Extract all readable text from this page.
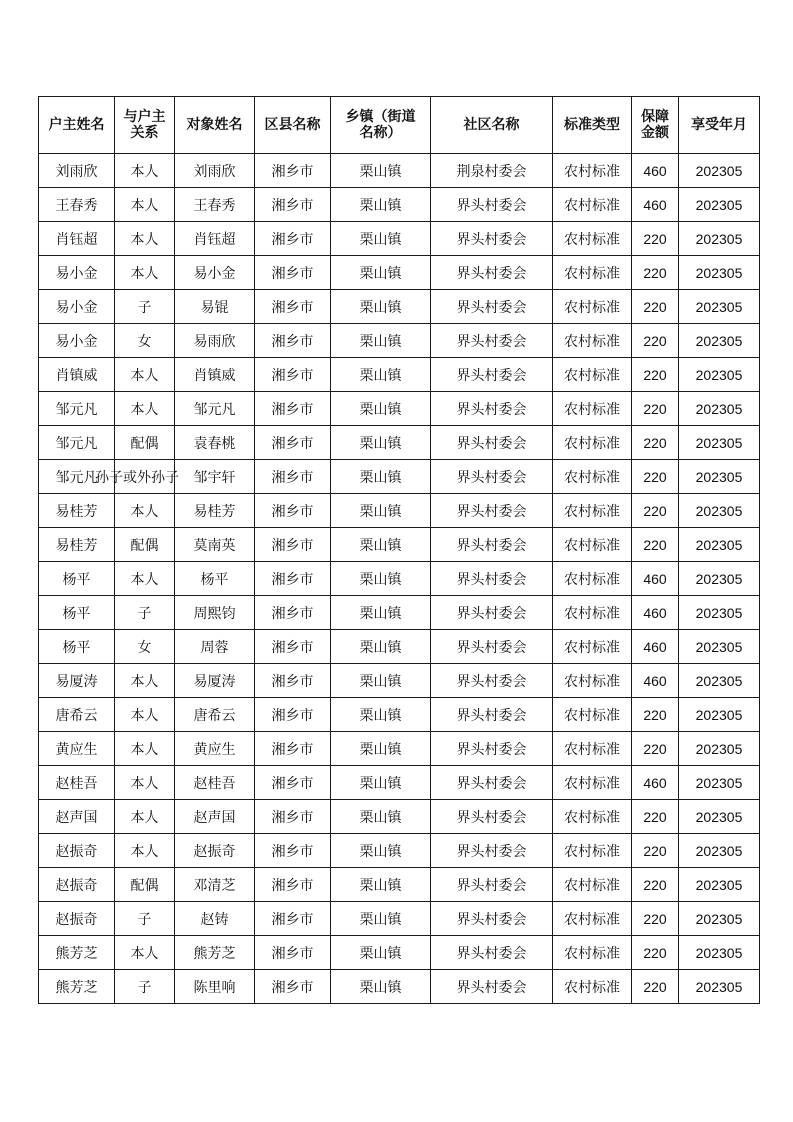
户主姓名	与户主关系	对象姓名	区县名称	乡镇（街道名称）	社区名称	标准类型	保障金额	享受年月
刘雨欣	本人	刘雨欣	湘乡市	栗山镇	荆泉村委会	农村标准	460	202305
王春秀	本人	王春秀	湘乡市	栗山镇	界头村委会	农村标准	460	202305
肖钰超	本人	肖钰超	湘乡市	栗山镇	界头村委会	农村标准	220	202305
易小金	本人	易小金	湘乡市	栗山镇	界头村委会	农村标准	220	202305
易小金	子	易锟	湘乡市	栗山镇	界头村委会	农村标准	220	202305
易小金	女	易雨欣	湘乡市	栗山镇	界头村委会	农村标准	220	202305
肖镇威	本人	肖镇威	湘乡市	栗山镇	界头村委会	农村标准	220	202305
邹元凡	本人	邹元凡	湘乡市	栗山镇	界头村委会	农村标准	220	202305
邹元凡	配偶	袁春桃	湘乡市	栗山镇	界头村委会	农村标准	220	202305
邹元凡	孙子或外孙子	邹宇轩	湘乡市	栗山镇	界头村委会	农村标准	220	202305
易桂芳	本人	易桂芳	湘乡市	栗山镇	界头村委会	农村标准	220	202305
易桂芳	配偶	莫南英	湘乡市	栗山镇	界头村委会	农村标准	220	202305
杨平	本人	杨平	湘乡市	栗山镇	界头村委会	农村标准	460	202305
杨平	子	周熙钧	湘乡市	栗山镇	界头村委会	农村标准	460	202305
杨平	女	周蓉	湘乡市	栗山镇	界头村委会	农村标准	460	202305
易厦涛	本人	易厦涛	湘乡市	栗山镇	界头村委会	农村标准	460	202305
唐希云	本人	唐希云	湘乡市	栗山镇	界头村委会	农村标准	220	202305
黄应生	本人	黄应生	湘乡市	栗山镇	界头村委会	农村标准	220	202305
赵桂吾	本人	赵桂吾	湘乡市	栗山镇	界头村委会	农村标准	460	202305
赵声国	本人	赵声国	湘乡市	栗山镇	界头村委会	农村标准	220	202305
赵振奇	本人	赵振奇	湘乡市	栗山镇	界头村委会	农村标准	220	202305
赵振奇	配偶	邓清芝	湘乡市	栗山镇	界头村委会	农村标准	220	202305
赵振奇	子	赵铸	湘乡市	栗山镇	界头村委会	农村标准	220	202305
熊芳芝	本人	熊芳芝	湘乡市	栗山镇	界头村委会	农村标准	220	202305
熊芳芝	子	陈里响	湘乡市	栗山镇	界头村委会	农村标准	220	202305
